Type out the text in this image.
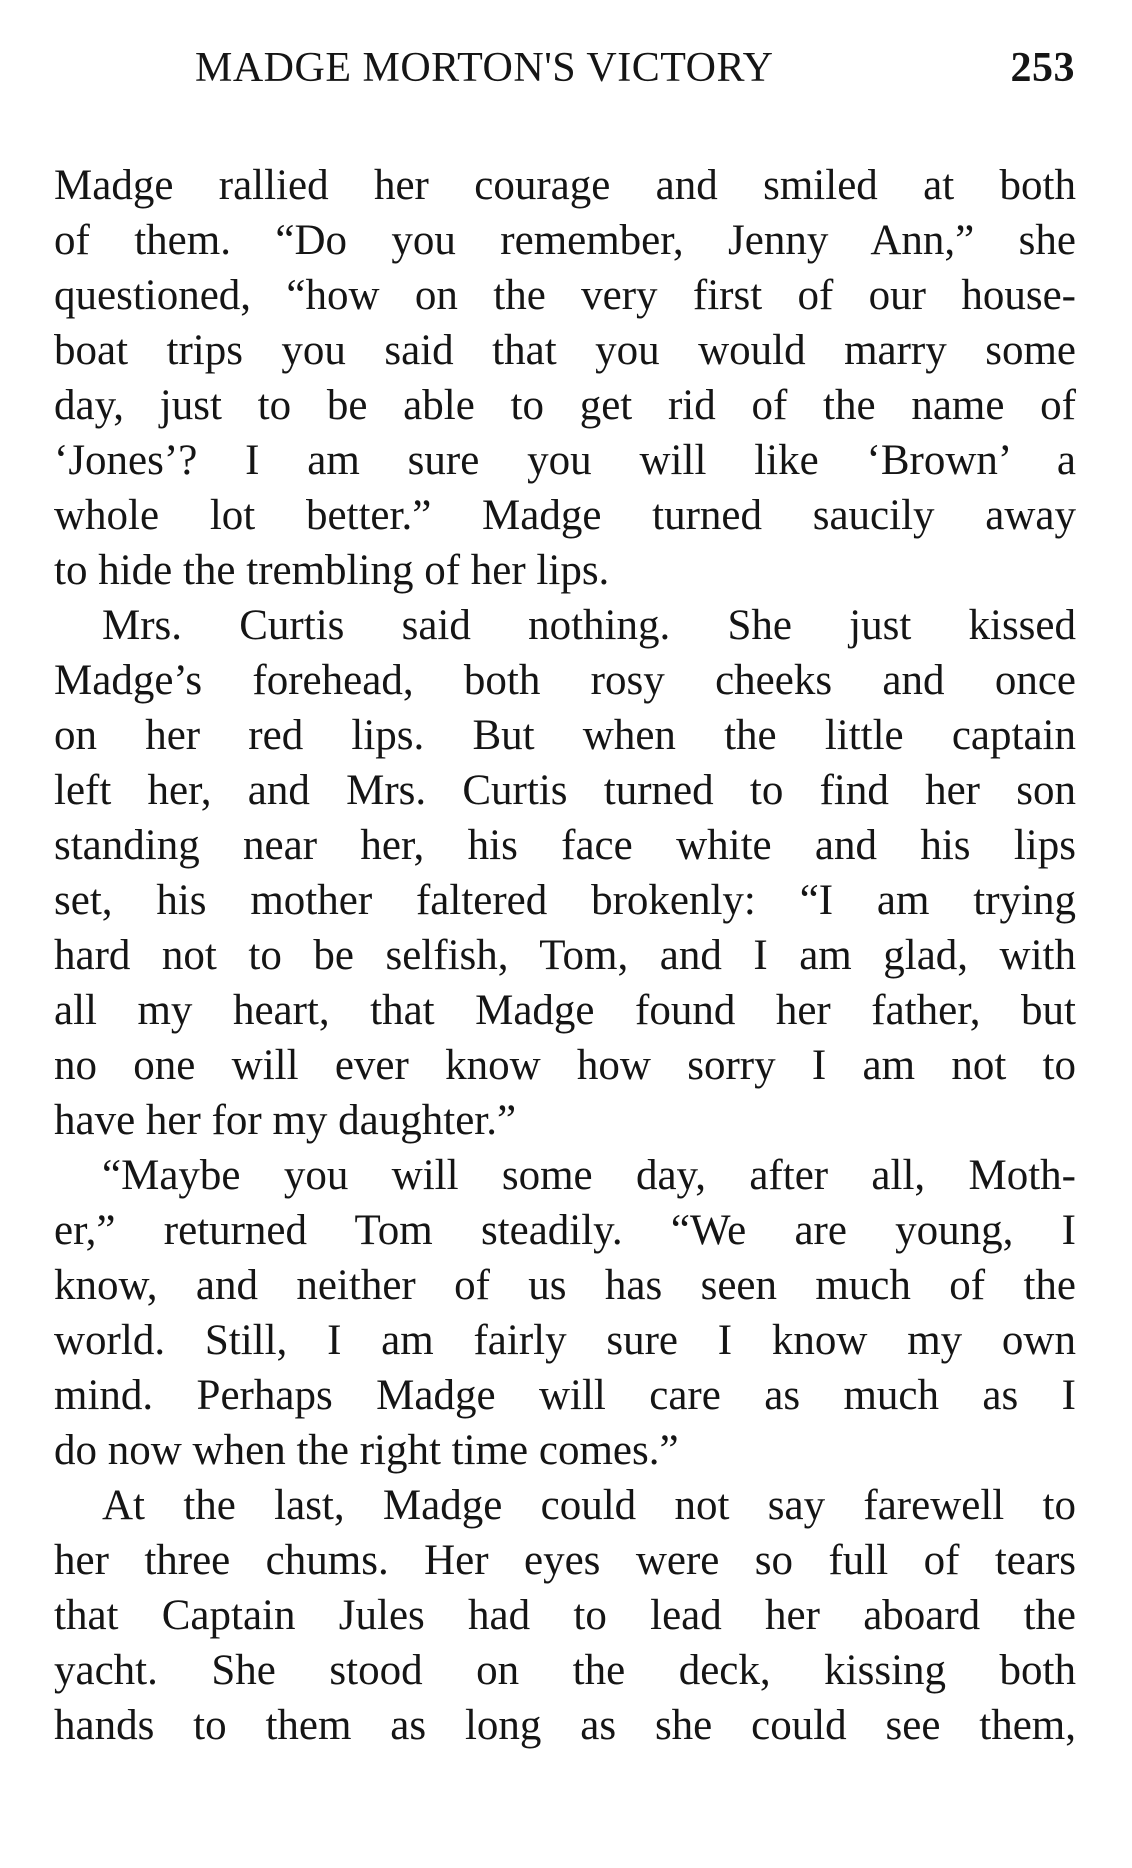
MADGE MORTON'S VICTORY	253
Madge rallied her courage and smiled at both
of them. “Do you remember, Jenny Ann,” she
questioned, “how on the very first of our house-
boat trips you said that you would marry some
day, just to be able to get rid of the name of
‘Jones’? I am sure you will like ‘Brown’ a
whole lot better.” Madge turned saucily away
to hide the trembling of her lips.
Mrs. Curtis said nothing. She just kissed
Madge’s forehead, both rosy cheeks and once
on her red lips. But when the little captain
left her, and Mrs. Curtis turned to find her son
standing near her, his face white and his lips
set, his mother faltered brokenly: “I am trying
hard not to be selfish, Tom, and I am glad, with
all my heart, that Madge found her father, but
no one will ever know how sorry I am not to
have her for my daughter.”
“Maybe you will some day, after all, Moth-
er,” returned Tom steadily. “We are young, I
know, and neither of us has seen much of the
world. Still, I am fairly sure I know my own
mind. Perhaps Madge will care as much as I
do now when the right time comes.”
At the last, Madge could not say farewell to
her three chums. Her eyes were so full of tears
that Captain Jules had to lead her aboard the
yacht. She stood on the deck, kissing both
hands to them as long as she could see them,
